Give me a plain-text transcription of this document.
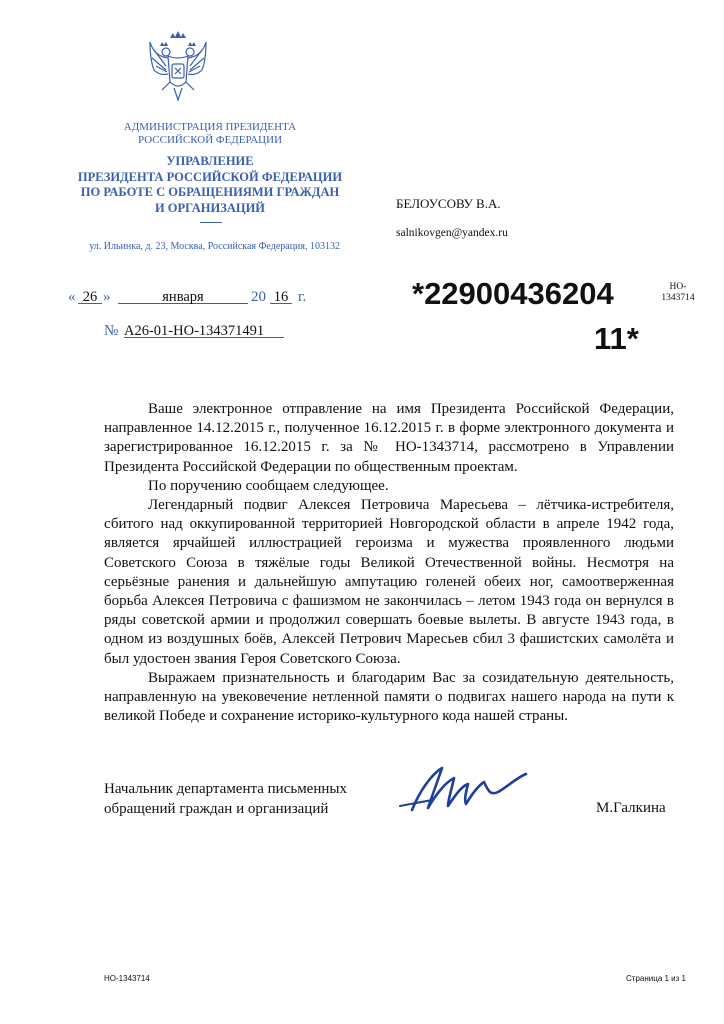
АДМИНИСТРАЦИЯ ПРЕЗИДЕНТА
РОССИЙСКОЙ ФЕДЕРАЦИИ
УПРАВЛЕНИЕ
ПРЕЗИДЕНТА РОССИЙСКОЙ ФЕДЕРАЦИИ
ПО РАБОТЕ С ОБРАЩЕНИЯМИ ГРАЖДАН
И ОРГАНИЗАЦИЙ
ул. Ильинка, д. 23, Москва, Российская Федерация, 103132
« 26 »	января	20 16 г.
№ А26-01-НО-134371491
БЕЛОУСОВУ В.А.
salnikovgen@yandex.ru
*22900436204
11*
НО-
1343714

Ваше электронное отправление на имя Президента Российской Федерации, направленное 14.12.2015 г., полученное 16.12.2015 г. в форме электронного документа и зарегистрированное 16.12.2015 г. за № НО-1343714, рассмотрено в Управлении Президента Российской Федерации по общественным проектам.

По поручению сообщаем следующее.

Легендарный подвиг Алексея Петровича Маресьева – лётчика-истребителя, сбитого над оккупированной территорией Новгородской области в апреле 1942 года, является ярчайшей иллюстрацией героизма и мужества проявленного людьми Советского Союза в тяжёлые годы Великой Отечественной войны. Несмотря на серьёзные ранения и дальнейшую ампутацию голеней обеих ног, самоотверженная борьба Алексея Петровича с фашизмом не закончилась – летом 1943 года он вернулся в ряды советской армии и продолжил совершать боевые вылеты. В августе 1943 года, в одном из воздушных боёв, Алексей Петрович Маресьев сбил 3 фашистских самолёта и был удостоен звания Героя Советского Союза.

Выражаем признательность и благодарим Вас за созидательную деятельность, направленную на увековечение нетленной памяти о подвигах нашего народа на пути к великой Победе и сохранение историко-культурного кода нашей страны.

Начальник департамента письменных
обращений граждан и организаций	М.Галкина
НО-1343714	Страница 1 из 1
